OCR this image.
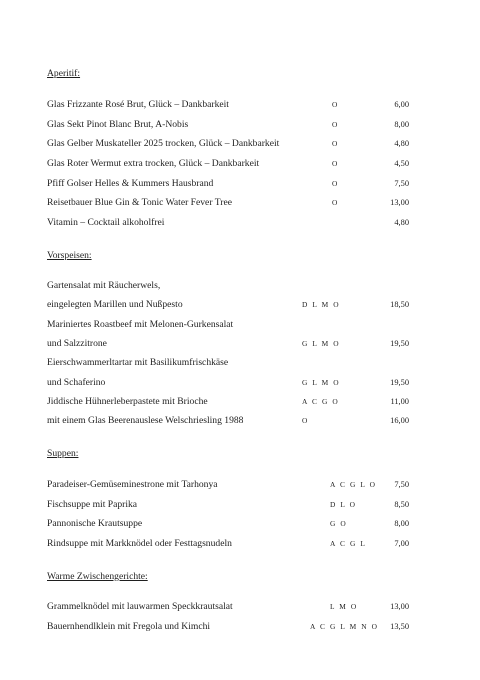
Aperitif:
Glas Frizzante Rosé Brut, Glück – Dankbarkeit	O	6,00
Glas Sekt Pinot Blanc Brut, A-Nobis	O	8,00
Glas Gelber Muskateller 2025 trocken, Glück – Dankbarkeit	O	4,80
Glas Roter Wermut extra trocken, Glück – Dankbarkeit	O	4,50
Pfiff Golser Helles & Kummers Hausbrand	O	7,50
Reisetbauer Blue Gin & Tonic Water Fever Tree	O	13,00
Vitamin – Cocktail alkoholfrei	4,80
Vorspeisen:
Gartensalat mit Räucherwels,
eingelegten Marillen und Nußpesto	D L M O	18,50
Mariniertes Roastbeef mit Melonen-Gurkensalat
und Salzzitrone	G L M O	19,50
Eierschwammerltartar mit Basilikumfrischkäse
und Schaferino	G L M O	19,50
Jiddische Hühnerleberpastete mit Brioche	A C G O	11,00
mit einem Glas Beerenauslese Welschriesling 1988	O	16,00
Suppen:
Paradeiser-Gemüseminestrone mit Tarhonya	A C G L O	7,50
Fischsuppe mit Paprika	D L O	8,50
Pannonische Krautsuppe	G O	8,00
Rindsuppe mit Markknödel oder Festtagsnudeln	A C G L	7,00
Warme Zwischengerichte:
Grammelknödel mit lauwarmen Speckkrautsalat	L M O	13,00
Bauernhendlklein mit Fregola und Kimchi	A C G L M N O	13,50
